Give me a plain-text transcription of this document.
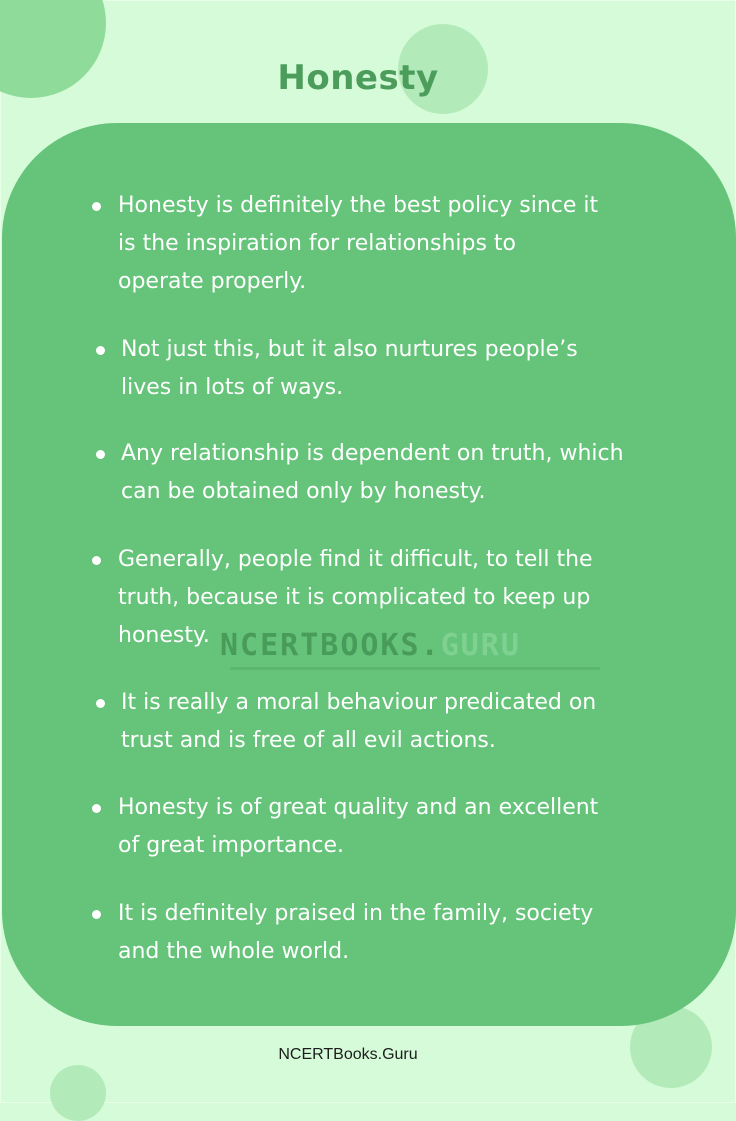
Honesty
Honesty is definitely the best policy since it
is the inspiration for relationships to
operate properly.
Not just this, but it also nurtures people’s
lives in lots of ways.
Any relationship is dependent on truth, which
can be obtained only by honesty.
Generally, people find it difficult, to tell the
truth, because it is complicated to keep up
honesty.
It is really a moral behaviour predicated on
trust and is free of all evil actions.
Honesty is of great quality and an excellent
of great importance.
It is definitely praised in the family, society
and the whole world.
NCERTBOOKS.GURU
NCERTBooks.Guru
